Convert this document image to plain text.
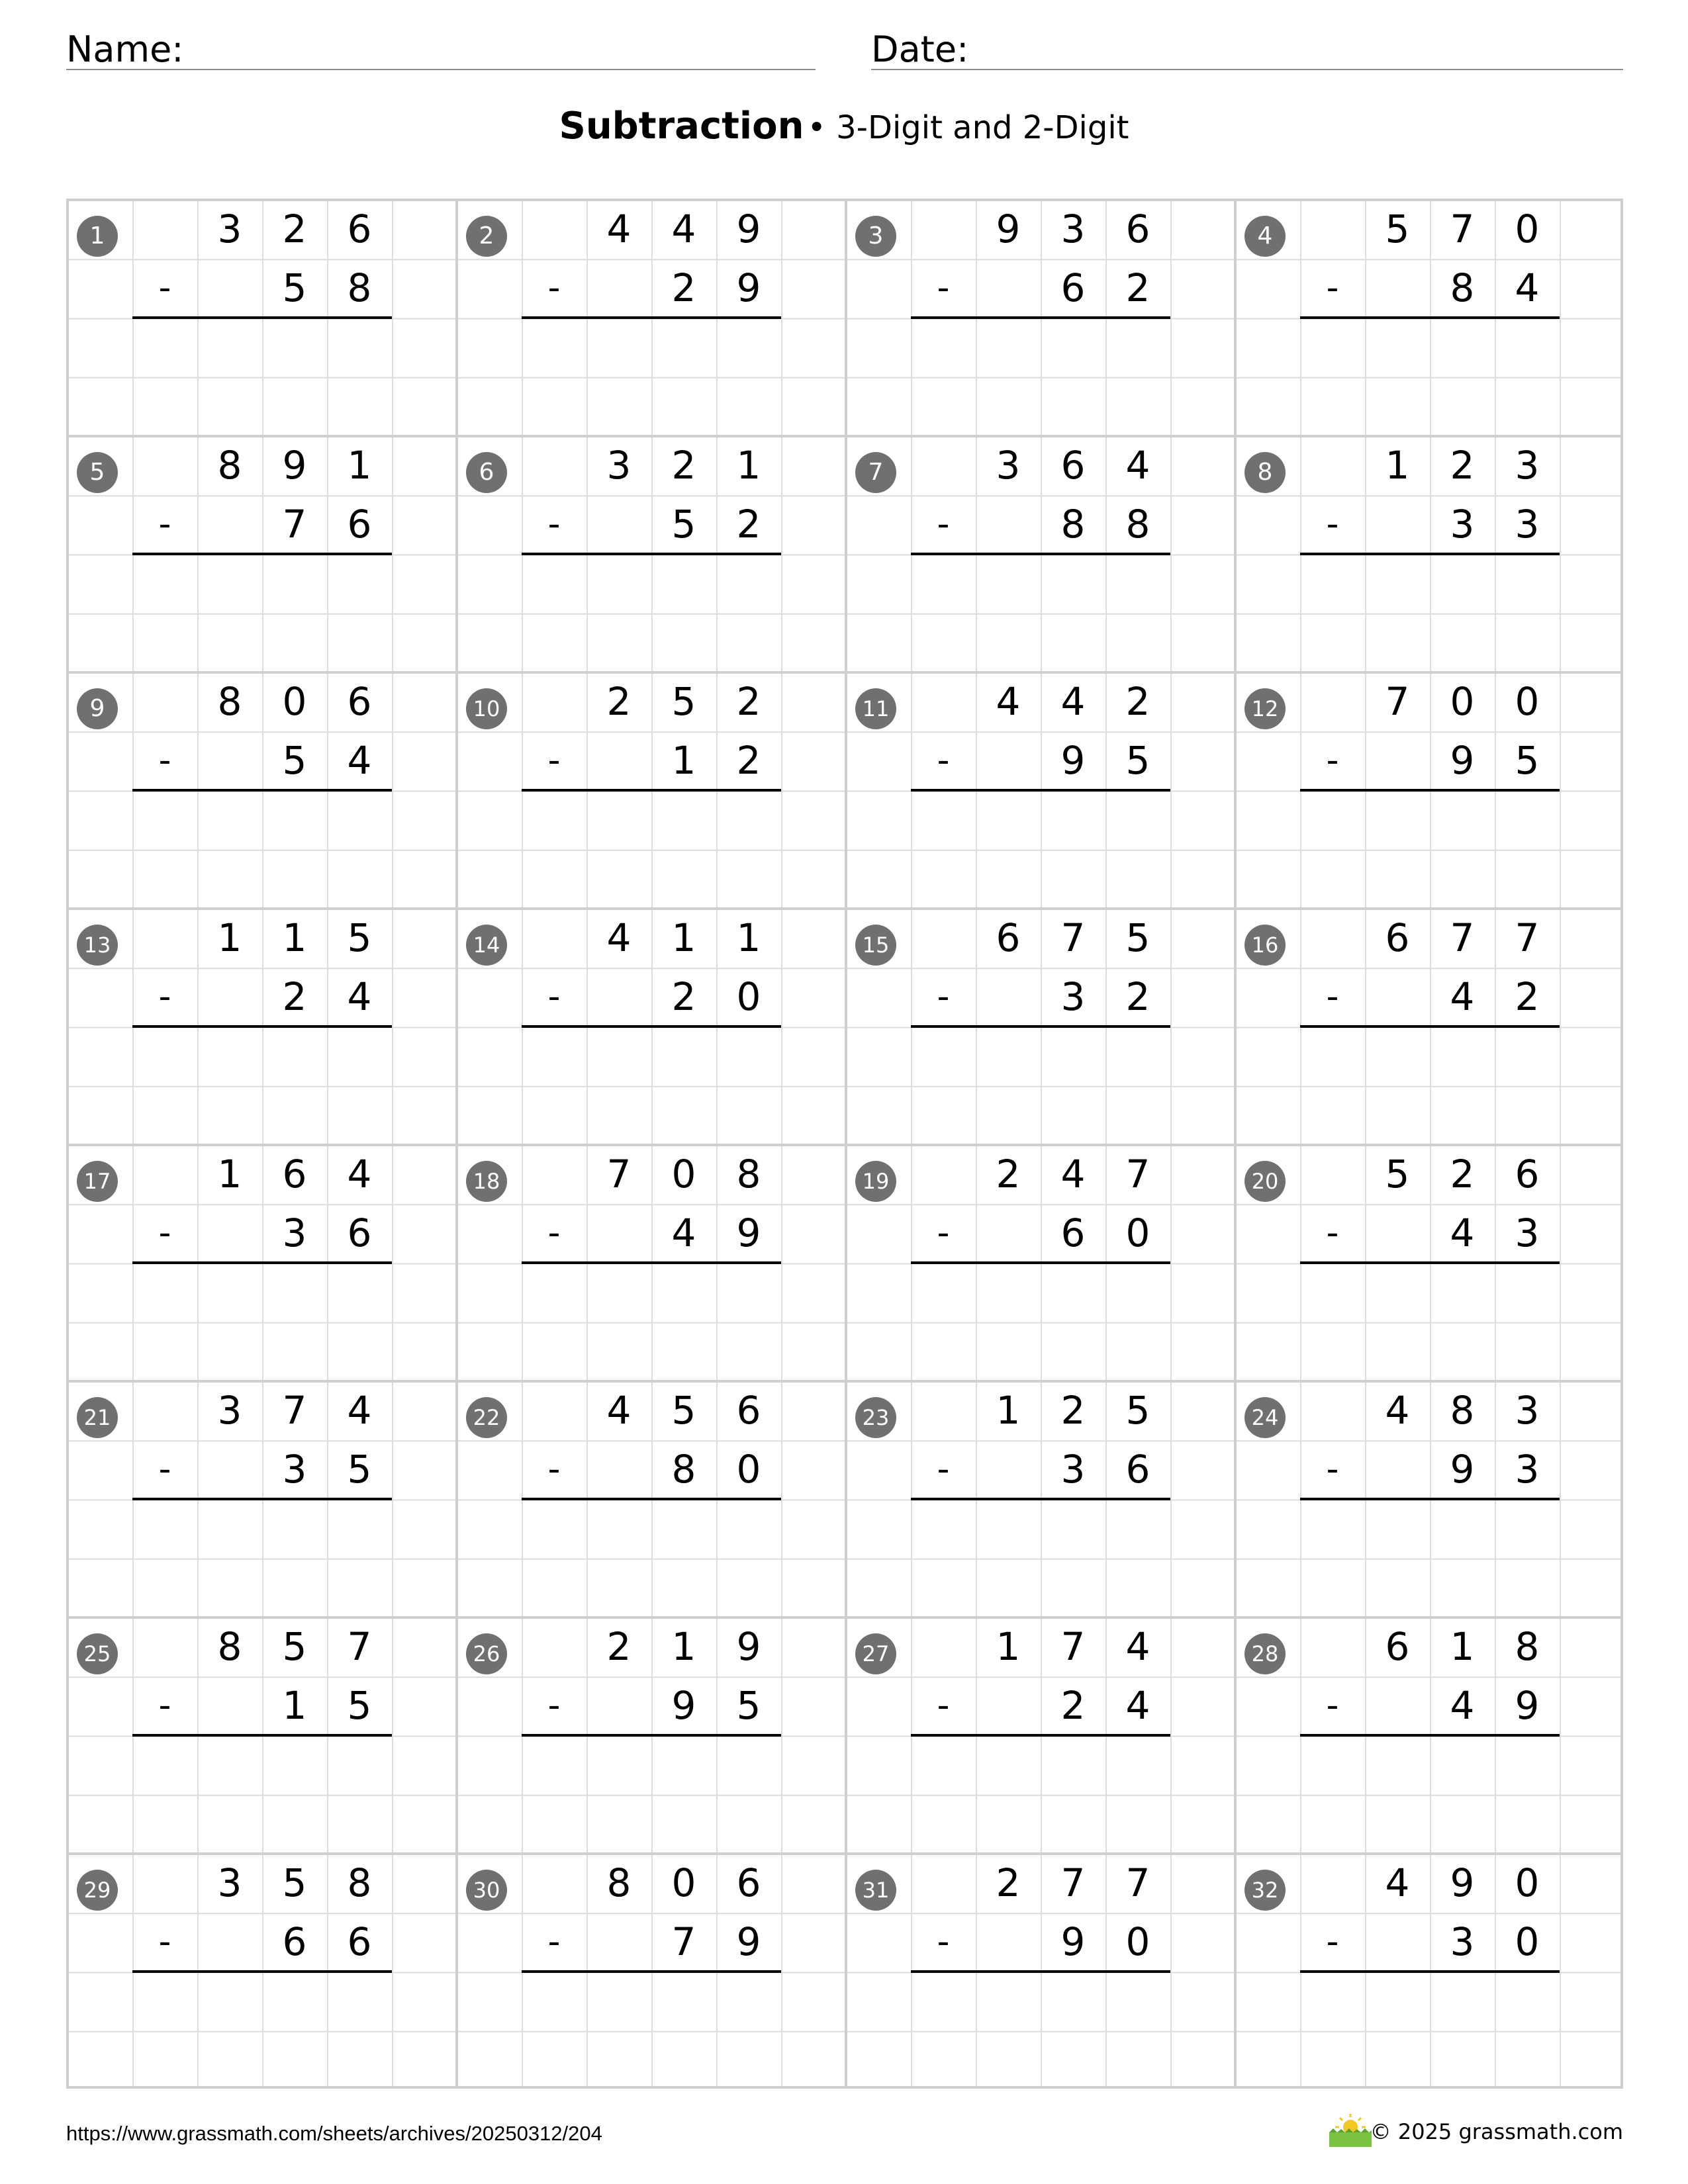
Name:	Date:
Subtraction • 3-Digit and 2-Digit
1	3	2	6
-	5	8
2	4	4	9
-	2	9
3	9	3	6
-	6	2
4	5	7	0
-	8	4
5	8	9	1
-	7	6
6	3	2	1
-	5	2
7	3	6	4
-	8	8
8	1	2	3
-	3	3
9	8	0	6
-	5	4
10	2	5	2
-	1	2
11	4	4	2
-	9	5
12	7	0	0
-	9	5
13	1	1	5
-	2	4
14	4	1	1
-	2	0
15	6	7	5
-	3	2
16	6	7	7
-	4	2
17	1	6	4
-	3	6
18	7	0	8
-	4	9
19	2	4	7
-	6	0
20	5	2	6
-	4	3
21	3	7	4
-	3	5
22	4	5	6
-	8	0
23	1	2	5
-	3	6
24	4	8	3
-	9	3
25	8	5	7
-	1	5
26	2	1	9
-	9	5
27	1	7	4
-	2	4
28	6	1	8
-	4	9
29	3	5	8
-	6	6
30	8	0	6
-	7	9
31	2	7	7
-	9	0
32	4	9	0
-	3	0
https://www.grassmath.com/sheets/archives/20250312/204	© 2025 grassmath.com
